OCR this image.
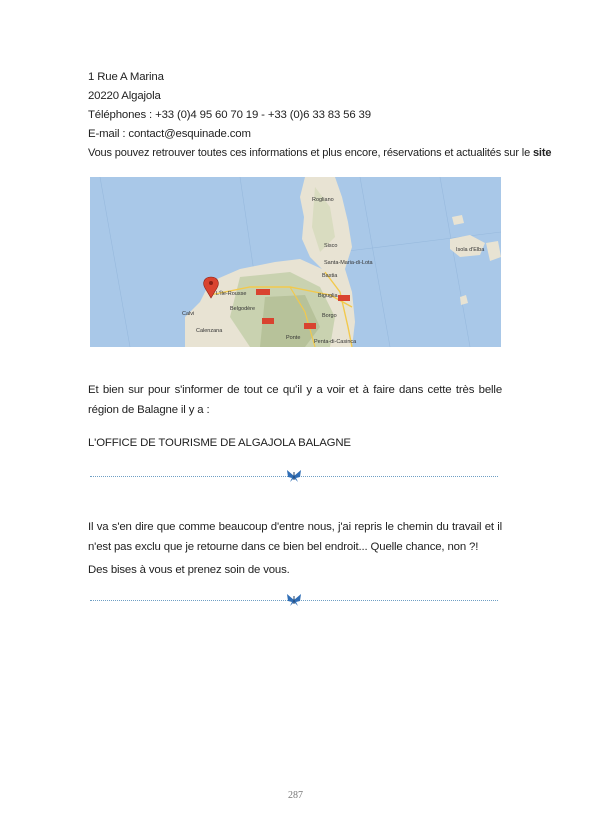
1 Rue A Marina
20220 Algajola
Téléphones : +33 (0)4 95 60 70 19 - +33 (0)6 33 83 56 39
E-mail : contact@esquinade.com
Vous pouvez retrouver toutes ces informations et plus encore, réservations et actualités sur le site
Rogliano
Sisco
Santa-Maria-di-Lota
Isola d'Elba
Bastia
Biguglia
Borgo
L'Île-Rousse
Belgodère
Calvi
Calenzana
Ponte
Penta-di-Casinca
Et bien sur pour s'informer de tout ce qu'il y a voir et à faire dans cette très belle région de Balagne il y a :
L'OFFICE DE TOURISME DE ALGAJOLA BALAGNE
Il va s'en dire que comme beaucoup d'entre nous, j'ai repris le chemin du travail et il n'est pas exclu que je retourne dans ce bien bel endroit... Quelle chance, non ?!
Des bises à vous et prenez soin de vous.
287
